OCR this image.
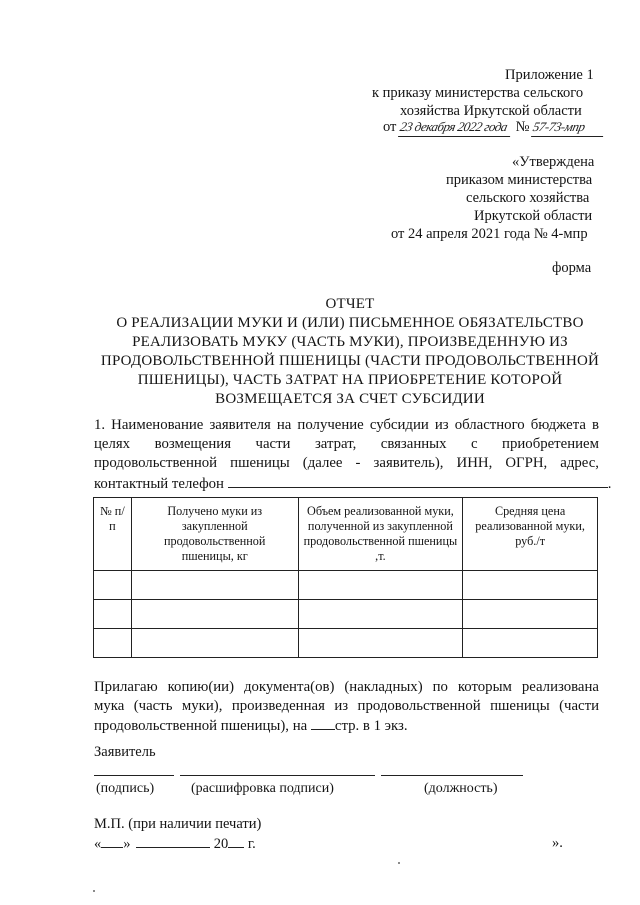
Приложение 1
к приказу министерства сельского
хозяйства Иркутской области
от 23 декабря 2022 года № 57-73-мпр
«Утверждена
приказом министерства
сельского хозяйства
Иркутской области
от 24 апреля 2021 года № 4-мпр
форма
ОТЧЕТ
О РЕАЛИЗАЦИИ МУКИ И (ИЛИ) ПИСЬМЕННОЕ ОБЯЗАТЕЛЬСТВО
РЕАЛИЗОВАТЬ МУКУ (ЧАСТЬ МУКИ), ПРОИЗВЕДЕННУЮ ИЗ
ПРОДОВОЛЬСТВЕННОЙ ПШЕНИЦЫ (ЧАСТИ ПРОДОВОЛЬСТВЕННОЙ
ПШЕНИЦЫ), ЧАСТЬ ЗАТРАТ НА ПРИОБРЕТЕНИЕ КОТОРОЙ
ВОЗМЕЩАЕТСЯ ЗА СЧЕТ СУБСИДИИ
1. Наименование заявителя на получение субсидии из областного бюджета в
целях возмещения части затрат, связанных с приобретением
продовольственной пшеницы (далее - заявитель), ИНН, ОГРН, адрес,
контактный телефон	.
№ п/п	Получено муки из закупленной продовольственной пшеницы, кг	Объем реализованной муки, полученной из закупленной продовольственной пшеницы ,т.	Средняя цена реализованной муки, руб./т

Прилагаю копию(ии) документа(ов) (накладных) по которым реализована
мука (часть муки), произведенная из продовольственной пшеницы (части
продовольственной пшеницы), на стр. в 1 экз.
Заявитель
(подпись)	(расшифровка подписи)	(должность)
М.П. (при наличии печати)
« »	20 г.	».
